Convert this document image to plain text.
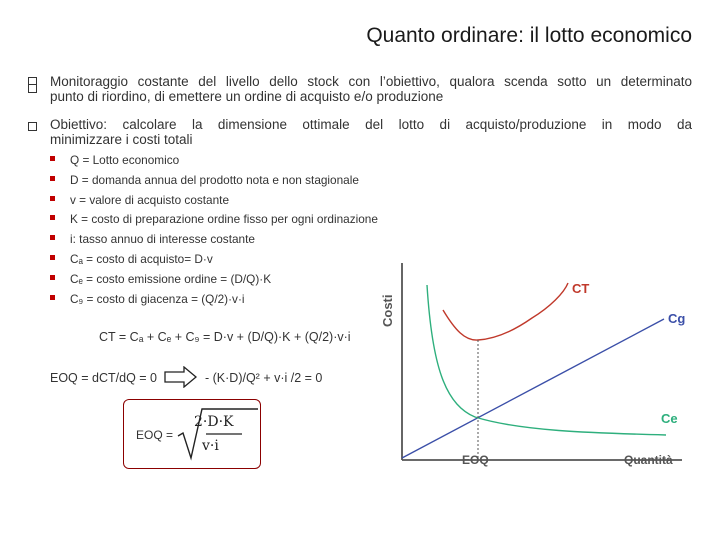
Quanto ordinare: il lotto economico
Monitoraggio costante del livello dello stock con l’obiettivo, qualora scenda sotto un determinato
punto di riordino, di emettere un ordine di acquisto e/o produzione
Obiettivo: calcolare la dimensione ottimale del lotto di acquisto/produzione in modo da
minimizzare i costi totali
Q = Lotto economico
D = domanda annua del prodotto nota e non stagionale
v = valore di acquisto costante
K = costo di preparazione ordine fisso per ogni ordinazione
i: tasso annuo di interesse costante
Cₐ = costo di acquisto= D·v
Cₑ = costo emissione ordine = (D/Q)·K
C₉ = costo di giacenza = (Q/2)·v·i
CT = Cₐ + Cₑ + C₉ = D·v + (D/Q)·K + (Q/2)·v·i
EOQ = dCT/dQ = 0	- (K·D)/Q² + v·i /2 = 0
EOQ =
2·D·K
v·i
Costi
Quantità
EOQ
CT
Cg
Ce
